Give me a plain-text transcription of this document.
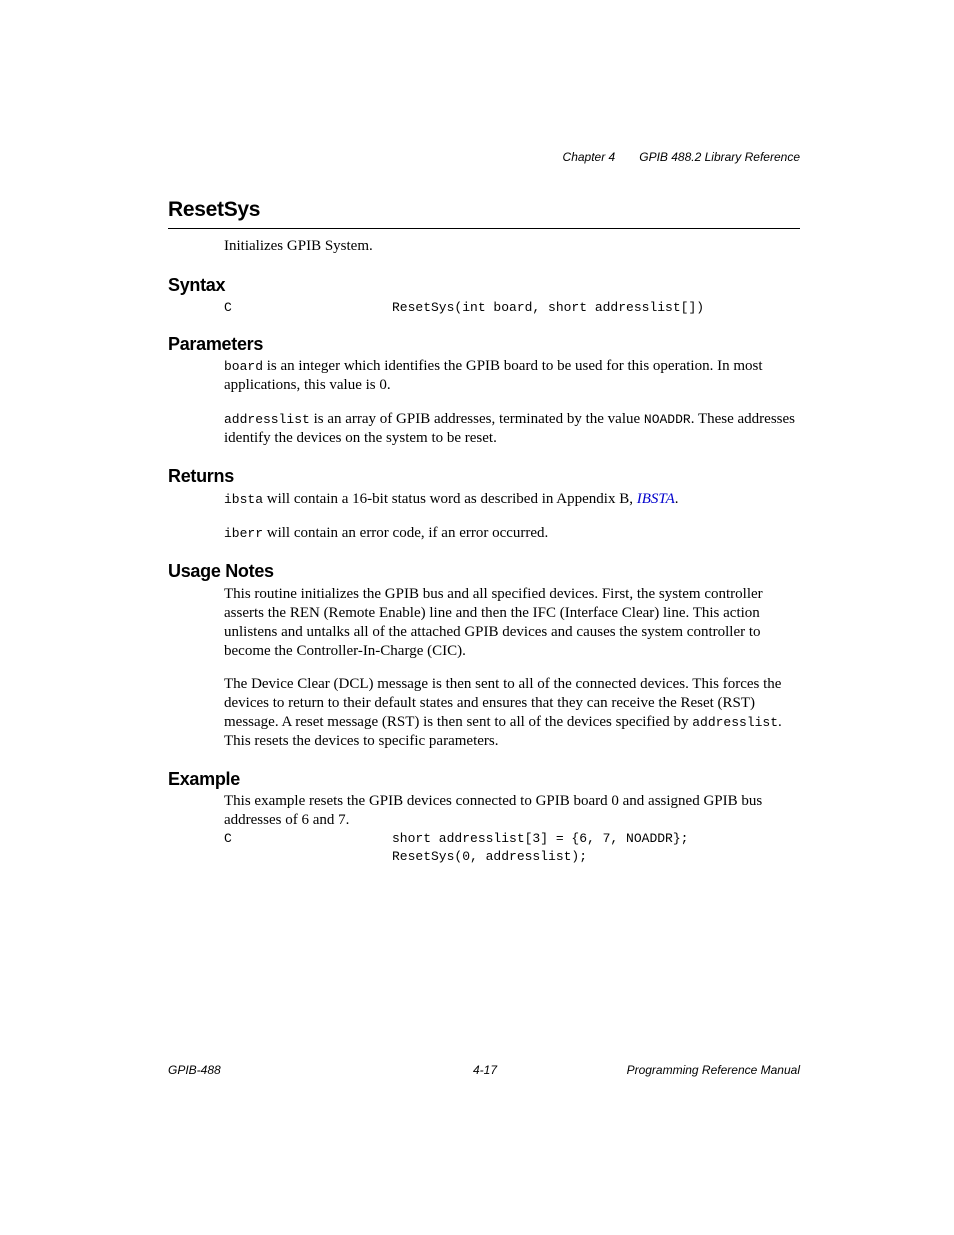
Chapter 4 GPIB 488.2 Library Reference
ResetSys
Initializes GPIB System.
Syntax
C	ResetSys(int board, short addresslist[])
Parameters
board is an integer which identifies the GPIB board to be used for this operation. In most applications, this value is 0.
addresslist is an array of GPIB addresses, terminated by the value NOADDR. These addresses identify the devices on the system to be reset.
Returns
ibsta will contain a 16-bit status word as described in Appendix B, IBSTA.
iberr will contain an error code, if an error occurred.
Usage Notes
This routine initializes the GPIB bus and all specified devices. First, the system controller asserts the REN (Remote Enable) line and then the IFC (Interface Clear) line. This action unlistens and untalks all of the attached GPIB devices and causes the system controller to become the Controller-In-Charge (CIC).
The Device Clear (DCL) message is then sent to all of the connected devices. This forces the devices to return to their default states and ensures that they can receive the Reset (RST) message. A reset message (RST) is then sent to all of the devices specified by addresslist. This resets the devices to specific parameters.
Example
This example resets the GPIB devices connected to GPIB board 0 and assigned GPIB bus addresses of 6 and 7.
C	short addresslist[3] = {6, 7, NOADDR};
ResetSys(0, addresslist);
GPIB-488	4-17	Programming Reference Manual
